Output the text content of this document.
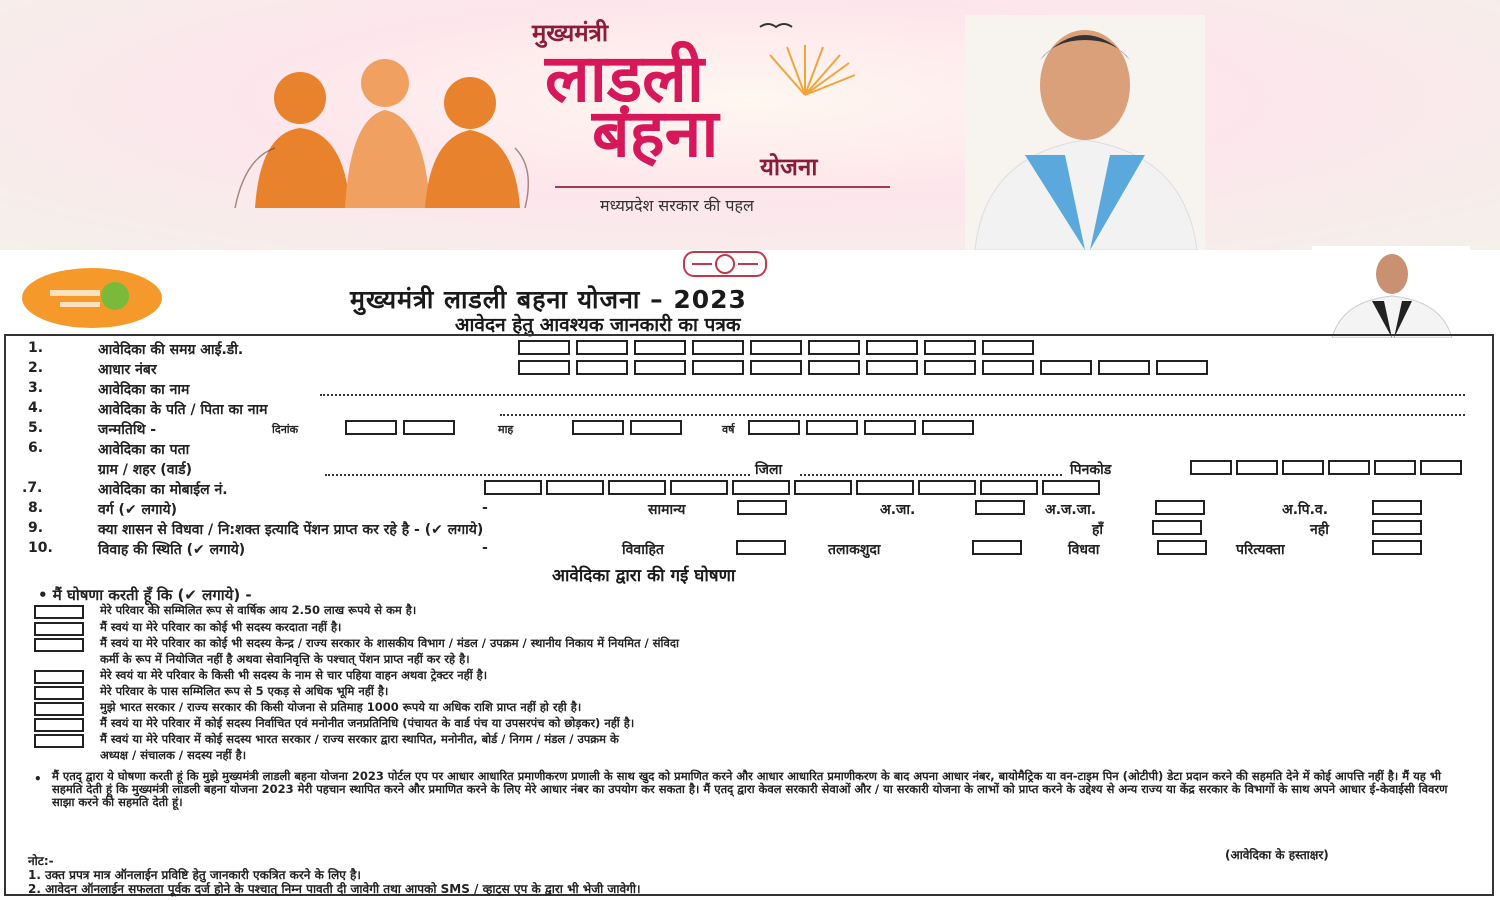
मुख्यमंत्री
लाड़ली
बहना योजना
मध्यप्रदेश सरकार की पहल
मुख्यमंत्री लाडली बहना योजना – 2023
आवेदन हेतु आवश्यक जानकारी का पत्रक
1.	आवेदिका की समग्र आई.डी.
2.	आधार नंबर
3.	आवेदिका का नाम
4.	आवेदिका के पति / पिता का नाम
5.	जन्मतिथि -	दिनांक	माह	वर्ष
6.	आवेदिका का पता
ग्राम / शहर (वार्ड)	जिला	पिनकोड
.7.	आवेदिका का मोबाईल नं.
8.	वर्ग (✔ लगाये)	-	सामान्य	अ.जा.	अ.ज.जा.	अ.पि.व.
9.	क्या शासन से विधवा / नि:शक्त इत्यादि पेंशन प्राप्त कर रहे है - (✔ लगाये)	हाँ	नही
10.	विवाह की स्थिति (✔ लगाये)	-	विवाहित	तलाकशुदा	विधवा	परित्यक्ता
आवेदिका द्वारा की गई घोषणा
• मैं घोषणा करती हूँ कि (✔ लगाये) -
मेरे परिवार की सम्मिलित रूप से वार्षिक आय 2.50 लाख रूपये से कम है।
मैं स्वयं या मेरे परिवार का कोई भी सदस्य करदाता नहीं है।
मैं स्वयं या मेरे परिवार का कोई भी सदस्य केन्द्र / राज्य सरकार के शासकीय विभाग / मंडल / उपक्रम / स्थानीय निकाय में नियमित / संविदा
कर्मी के रूप में नियोजित नहीं है अथवा सेवानिवृत्ति के पश्चात् पेंशन प्राप्त नहीं कर रहे है।
मेरे स्वयं या मेरे परिवार के किसी भी सदस्य के नाम से चार पहिया वाहन अथवा ट्रेक्टर नहीं है।
मेरे परिवार के पास सम्मिलित रूप से 5 एकड़ से अधिक भूमि नहीं है।
मुझे भारत सरकार / राज्य सरकार की किसी योजना से प्रतिमाह 1000 रूपये या अधिक राशि प्राप्त नहीं हो रही है।
मैं स्वयं या मेरे परिवार में कोई सदस्य निर्वाचित एवं मनोनीत जनप्रतिनिधि (पंचायत के वार्ड पंच या उपसरपंच को छोड़कर) नहीं है।
मैं स्वयं या मेरे परिवार में कोई सदस्य भारत सरकार / राज्य सरकार द्वारा स्थापित, मनोनीत, बोर्ड / निगम / मंडल / उपक्रम के
अध्यक्ष / संचालक / सदस्य नहीं है।
• मैं एतद् द्वारा ये घोषणा करती हूं कि मुझे मुख्यमंत्री लाडली बहना योजना 2023 पोर्टल एप पर आधार आधारित प्रमाणीकरण प्रणाली के साथ खुद को प्रमाणित करने और आधार आधारित प्रमाणीकरण के बाद अपना आधार नंबर, बायोमैट्रिक या वन-टाइम पिन (ओटीपी) डेटा प्रदान करने की सहमति देने में कोई आपत्ति नहीं है। मैं यह भी सहमति देती हूं कि मुख्यमंत्री लाडली बहना योजना 2023 मेरी पहचान स्थापित करने और प्रमाणित करने के लिए मेरे आधार नंबर का उपयोग कर सकता है। मैं एतद् द्वारा केवल सरकारी सेवाओं और / या सरकारी योजना के लाभों को प्राप्त करने के उद्देश्य से अन्य राज्य या केंद्र सरकार के विभागों के साथ अपने आधार ई-केवाईसी विवरण साझा करने की सहमति देती हूं।
(आवेदिका के हस्ताक्षर)
नोट:-
1. उक्त प्रपत्र मात्र ऑनलाईन प्रविष्टि हेतु जानकारी एकत्रित करने के लिए है।
2. आवेदन ऑनलाईन सफलता पूर्वक दर्ज होने के पश्चात् निम्न पावती दी जावेगी तथा आपको SMS / व्हाट्स एप के द्वारा भी भेजी जावेगी।
